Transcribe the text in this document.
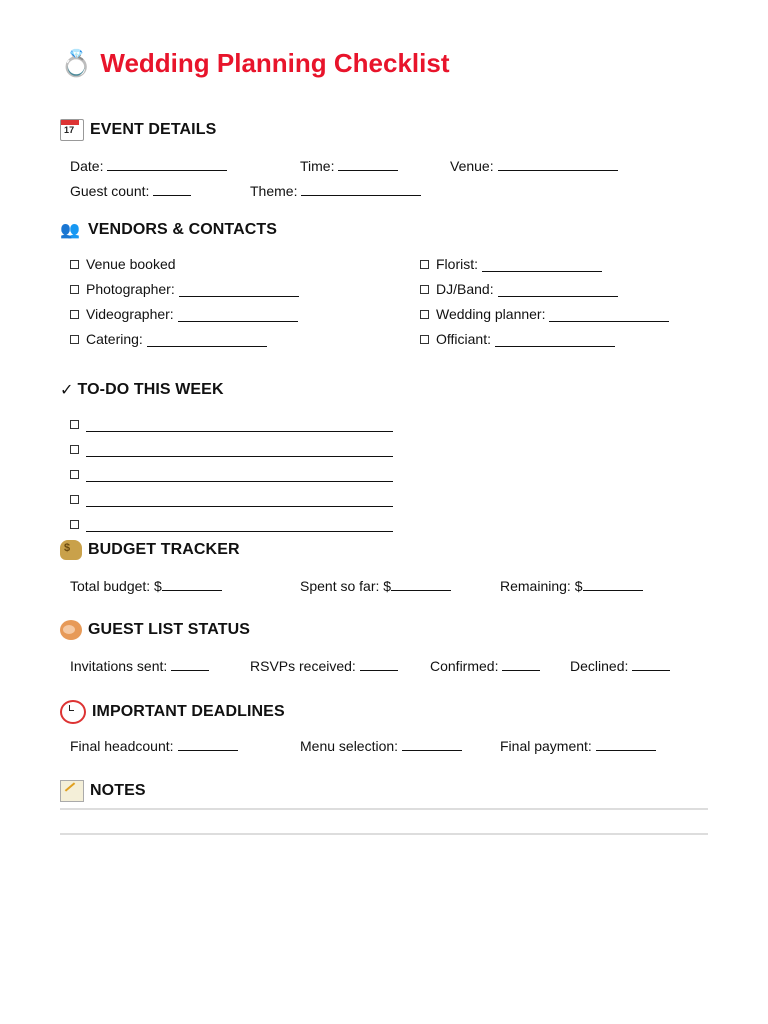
💍 Wedding Planning Checklist
17 EVENT DETAILS
Date:	Time:	Venue:
Guest count:	Theme:
👥 VENDORS & CONTACTS
Venue booked
Photographer:
Videographer:
Catering:
Florist:
DJ/Band:
Wedding planner:
Officiant:
✓ TO-DO THIS WEEK
$ BUDGET TRACKER
Total budget: $	Spent so far: $	Remaining: $
GUEST LIST STATUS
Invitations sent:	RSVPs received:	Confirmed:	Declined:
IMPORTANT DEADLINES
Final headcount:	Menu selection:	Final payment:
NOTES
